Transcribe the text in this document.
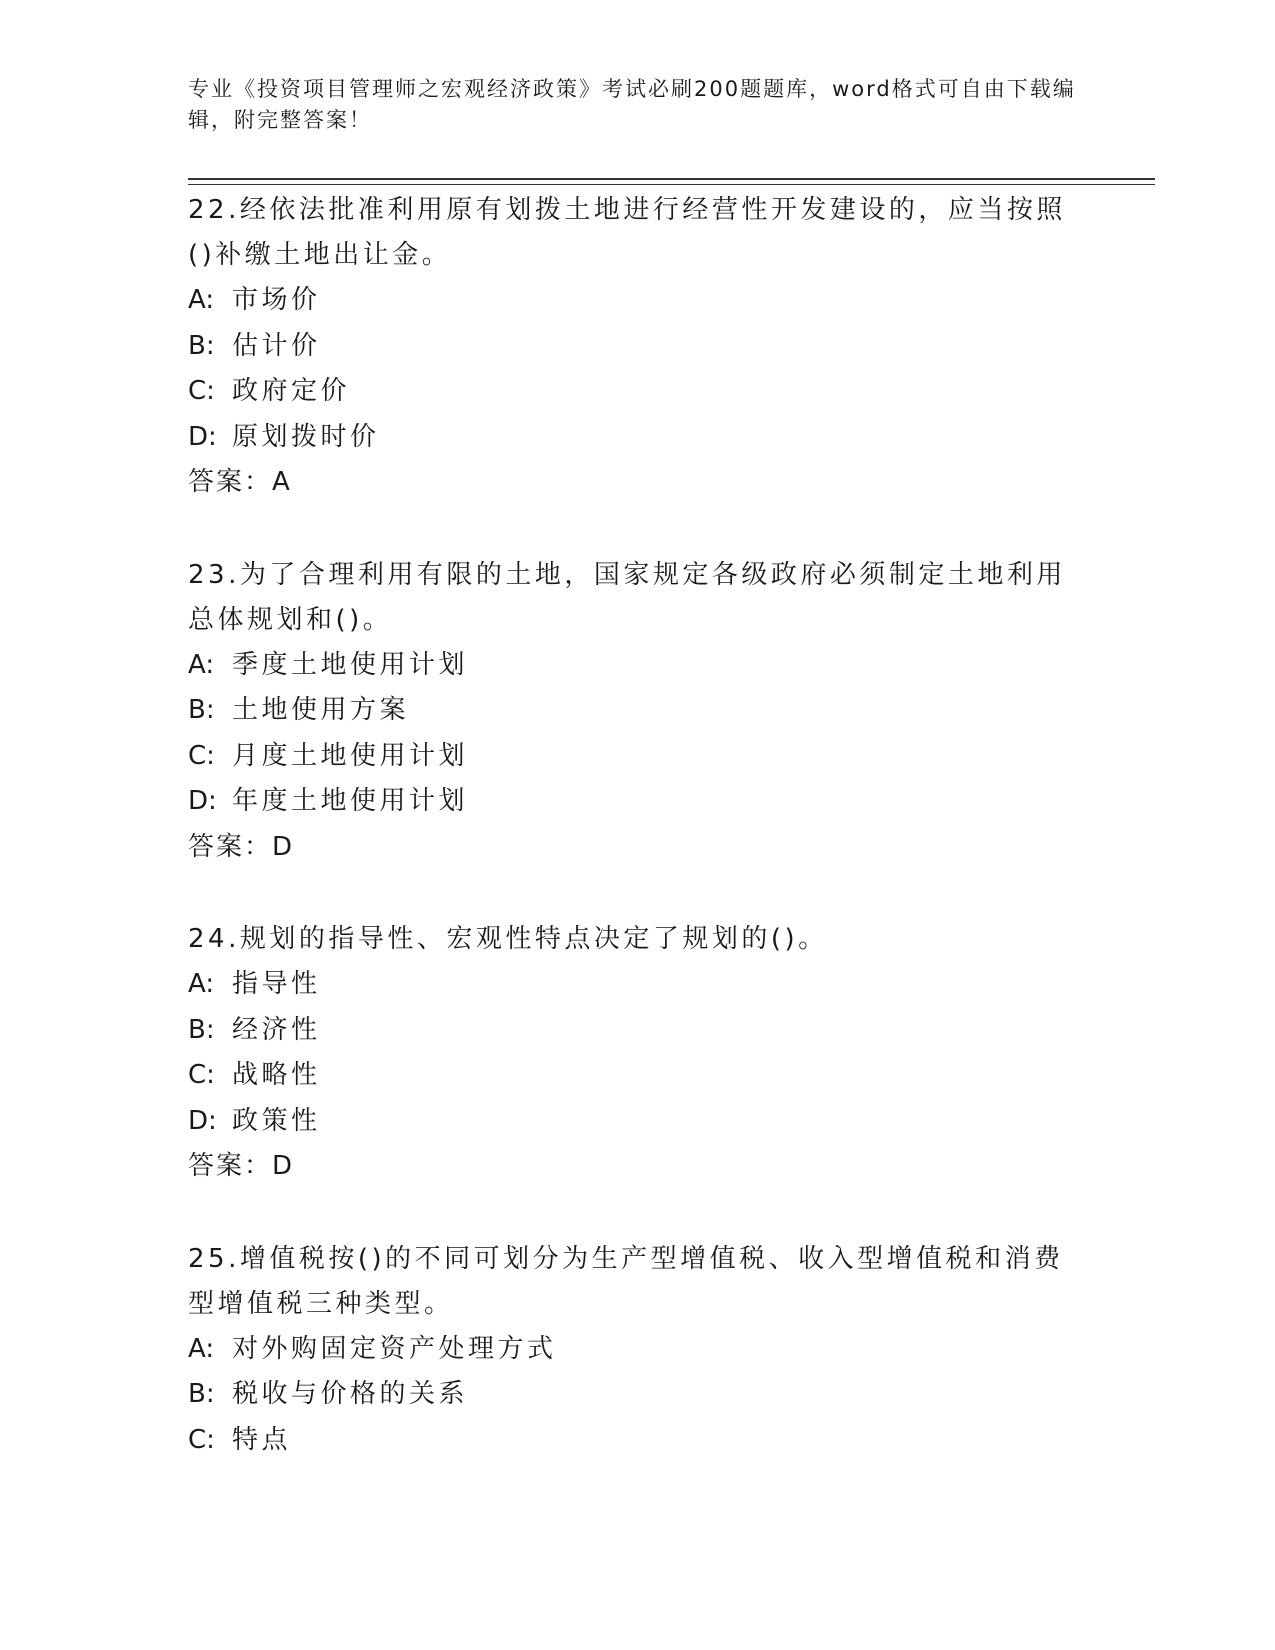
专业《投资项目管理师之宏观经济政策》考试必刷200题题库，word格式可自由下载编辑，附完整答案！
22.经依法批准利用原有划拨土地进行经营性开发建设的，应当按照()补缴土地出让金。
A: 市场价
B: 估计价
C: 政府定价
D: 原划拨时价
答案：A
23.为了合理利用有限的土地，国家规定各级政府必须制定土地利用总体规划和()。
A: 季度土地使用计划
B: 土地使用方案
C: 月度土地使用计划
D: 年度土地使用计划
答案：D
24.规划的指导性、宏观性特点决定了规划的()。
A: 指导性
B: 经济性
C: 战略性
D: 政策性
答案：D
25.增值税按()的不同可划分为生产型增值税、收入型增值税和消费型增值税三种类型。
A: 对外购固定资产处理方式
B: 税收与价格的关系
C: 特点
